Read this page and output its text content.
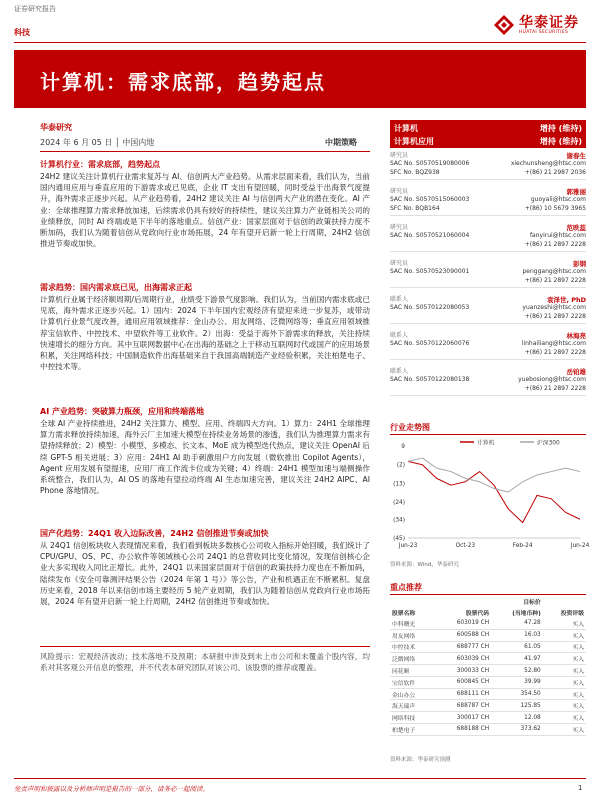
证券研究报告
科技
华泰证券
HUATAI SECURITIES
计算机：需求底部，趋势起点
华泰研究
2024 年 6 月 05 日 │ 中国内地	中期策略
计算机行业：需求底部，趋势起点
24H2 建议关注计算机行业需求复苏与 AI、信创两大产业趋势。从需求层面来看，我们认为，当前国内通用应用与垂直应用的下游需求或已见底，企业 IT 支出有望回暖，同时受益于出海景气度提升，海外需求正逐步兴起。从产业趋势看，24H2 建议关注 AI 与信创两大产业的潜在变化。AI 产业：全球推理算力需求释放加速，后续需求仍具有较好的持续性，建议关注算力产业链相关公司的业绩释放，同时 AI 终端或是下半年的落地重点。信创产业：国家层面对于信创的政策扶持力度不断加码，我们认为随着信创从党政向行业市场拓展，24 年有望开启新一轮上行周期，24H2 信创推进节奏或加快。
需求趋势：国内需求底已见，出海需求正起
计算机行业属于经济顺周期/后周期行业，业绩受下游景气度影响。我们认为，当前国内需求底或已见底，海外需求正逐步兴起。1）国内：2024 下半年国内宏观经济有望迎来进一步复苏，或带动计算机行业景气度改善，通用应用领域推荐：金山办公、用友网络、泛微网络等；垂直应用领域推荐宝信软件、中控技术、中望软件等工业软件。2）出海：受益于海外下游需求的释放，关注持续快速增长的细分方向。其中互联网数据中心在出海的基础之上于移动互联网时代或国产的应用场景积累，关注网络科技；中国制造软件出海基础来自于我国高端制造产业经验积累，关注柏楚电子、中控技术等。
AI 产业趋势：突破算力瓶颈，应用和终端落地
全球 AI 产业持续推进，24H2 关注算力、模型、应用、终端四大方向。1）算力：24H1 全球推理算力需求释放持续加速，海外云厂主加速大模型在持续业务场景的渗透，我们认为推理算力需求有望持续释放；2）模型：小模型、多模态、长文本、MoE 成为模型迭代热点，建议关注 OpenAI 后续 GPT-5 相关进展；3）应用：24H1 AI 助手刺激用户方向发展（微软推出 Copilot Agents），Agent 应用发展有望提速，应用厂商工作流卡位或为关键；4）终端：24H1 模型加速与端侧操作系统整合，我们认为，AI OS 的落地有望拉动终端 AI 生态加速完善，建议关注 24H2 AIPC、AI Phone 落地情况。
国产化趋势：24Q1 收入边际改善，24H2 信创推进节奏或加快
从 24Q1 信创板块收入表现情况来看，我们看到板块多数核心公司收入指标开始回暖，我们统计了 CPU/GPU、OS、PC、办公软件等领域核心公司 24Q1 的总营收同比变化情况，发现信创核心企业大多实现收入同比正增长。此外，24Q1 以来国家层面对于信创的政策扶持力度也在不断加码，陆续发布《安全可靠测评结果公告（2024 年第 1 号）》等公告，产业和机遇正在不断累积。复盘历史来看，2018 年以来信创市场主要经历 5 轮产业周期，我们认为随着信创从党政向行业市场拓展，2024 年有望开启新一轮上行周期，24H2 信创推进节奏或加快。
风险提示：宏观经济波动；技术落地不及预期；本研报中涉及到未上市公司和未覆盖个股内容，均系对其客观公开信息的整理，并不代表本研究团队对该公司、该股票的推荐或覆盖。
计算机	增持 (维持)
计算机应用	增持 (维持)
研究员	谢春生
SAC No. S0570519080006	xiechunsheng@htsc.com
SFC No. BQZ938	+(86) 21 2987 2036
研究员	郭雅丽
SAC No. S0570515060003	guoyali@htsc.com
SFC No. BQB164	+(86) 10 5679 3965
研究员	范昳蕊
SAC No. S0570521060004	fanyirui@htsc.com
+(86) 21 2897 2228
研究员	彭钢
SAC No. S0570523090001	penggang@htsc.com
+(86) 21 2897 2228
联系人	袁泽世, PhD
SAC No. S0570122080053	yuanzeshi@htsc.com
+(86) 21 2897 2228
联系人	林海亮
SAC No. S0570122060076	linhailiang@htsc.com
+(86) 21 2897 2228
联系人	岳铂雄
SAC No. S0570122080138	yuebosiong@htsc.com
+(86) 21 2897 2228
行业走势图
计算机	沪深300
9
(2)
(13)
(24)
(34)
(45)
Jun-23	Oct-23	Feb-24	Jun-24
资料来源：Wind，华泰研究
重点推荐
		目标价	
股票名称	股票代码	(当地币种)	投资评级
中科曙光	603019 CH	47.28	买入
用友网络	600588 CH	16.03	买入
中控技术	688777 CH	61.05	买入
泛微网络	603039 CH	41.97	买入
同花顺	300033 CH	52.80	买入
宝信软件	600845 CH	39.99	买入
金山办公	688111 CH	354.50	买入
海天瑞声	688787 CH	125.85	买入
网络科技	300017 CH	12.08	买入
柏楚电子	688188 CH	373.62	买入
资料来源：华泰研究预测
免责声明和披露以及分析师声明是报告的一部分，请务必一起阅读。	1
